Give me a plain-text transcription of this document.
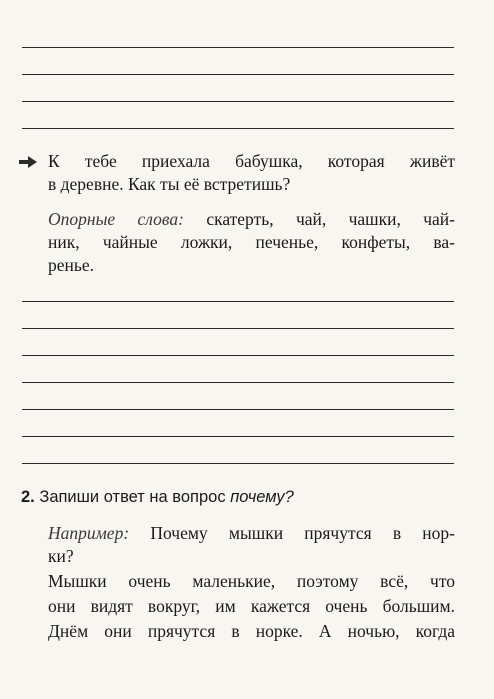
К тебе приехала бабушка, которая живёт
в деревне. Как ты её встретишь?
Опорные слова: скатерть, чай, чашки, чай-
ник, чайные ложки, печенье, конфеты, ва-
ренье.
2. Запиши ответ на вопрос почему?
Например: Почему мышки прячутся в нор-
ки?
Мышки очень маленькие, поэтому всё, что
они видят вокруг, им кажется очень большим.
Днём они прячутся в норке. А ночью, когда
